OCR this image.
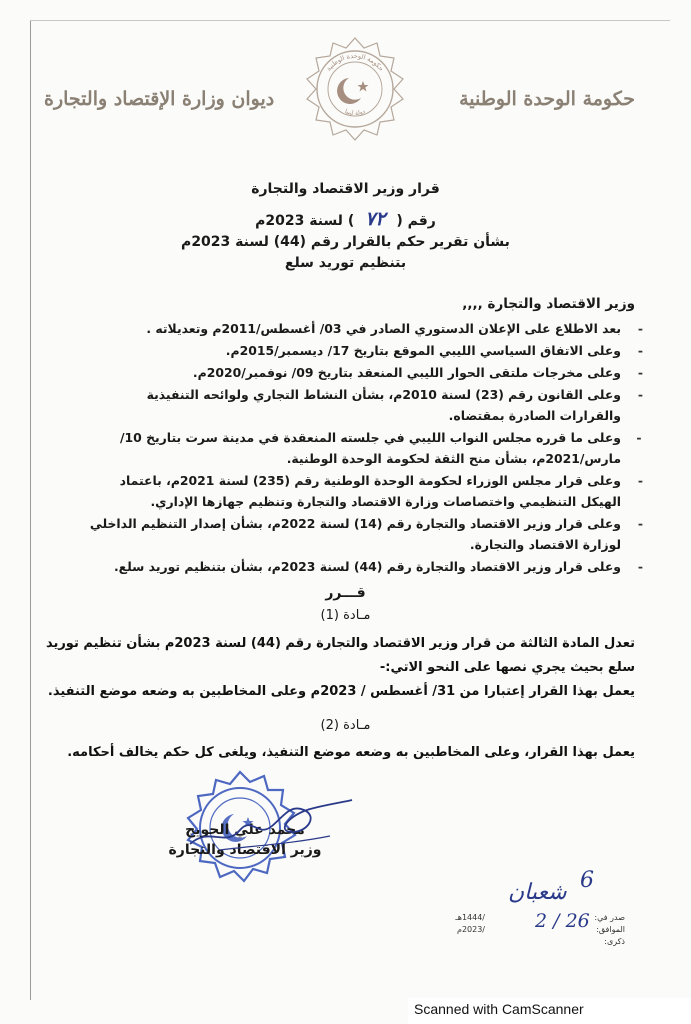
حكومة الوحدة الوطنية
ديوان وزارة الإقتصاد والتجارة
حكومة الوحدة الوطنية
دولة ليبيا
قرار وزير الاقتصاد والتجارة
رقم ( ٧٢ ) لسنة 2023م
بشأن تقرير حكم بالقرار رقم (44) لسنة 2023م
بتنظيم توريد سلع
وزير الاقتصاد والتجارة ,,,,
- بعد الاطلاع على الإعلان الدستوري الصادر في 03/ أغسطس/2011م وتعديلاته .
- وعلى الاتفاق السياسي الليبي الموقع بتاريخ 17/ ديسمبر/2015م.
- وعلى مخرجات ملتقى الحوار الليبي المنعقد بتاريخ 09/ نوفمبر/2020م.
- وعلى القانون رقم (23) لسنة 2010م، بشأن النشاط التجاري ولوائحه التنفيذية والقرارات الصادرة بمقتضاه.
- وعلى ما قرره مجلس النواب الليبي في جلسته المنعقدة في مدينة سرت بتاريخ 10/مارس/2021م، بشأن منح الثقة لحكومة الوحدة الوطنية.
- وعلى قرار مجلس الوزراء لحكومة الوحدة الوطنية رقم (235) لسنة 2021م، باعتماد الهيكل التنظيمي واختصاصات وزارة الاقتصاد والتجارة وتنظيم جهازها الإداري.
- وعلى قرار وزير الاقتصاد والتجارة رقم (14) لسنة 2022م، بشأن إصدار التنظيم الداخلي لوزارة الاقتصاد والتجارة.
- وعلى قرار وزير الاقتصاد والتجارة رقم (44) لسنة 2023م، بشأن بتنظيم توريد سلع.
قـــرر
مـادة (1)
تعدل المادة الثالثة من قرار وزير الاقتصاد والتجارة رقم (44) لسنة 2023م بشأن تنظيم توريد سلع بحيث يجري نصها على النحو الاتي:-
يعمل بهذا القرار إعتبارا من 31/ أغسطس / 2023م وعلى المخاطبين به وضعه موضع التنفيذ.
مـادة (2)
يعمل بهذا القرار، وعلى المخاطبين به وضعه موضع التنفيذ، ويلغى كل حكم يخالف أحكامه.
محمد علي الحويج
وزير الاقتصاد والتجارة
صدر في:
/1444هـ
الموافق:
/2023م
ذكرى:
6
شعبان
2 / 26
Scanned with CamScanner
